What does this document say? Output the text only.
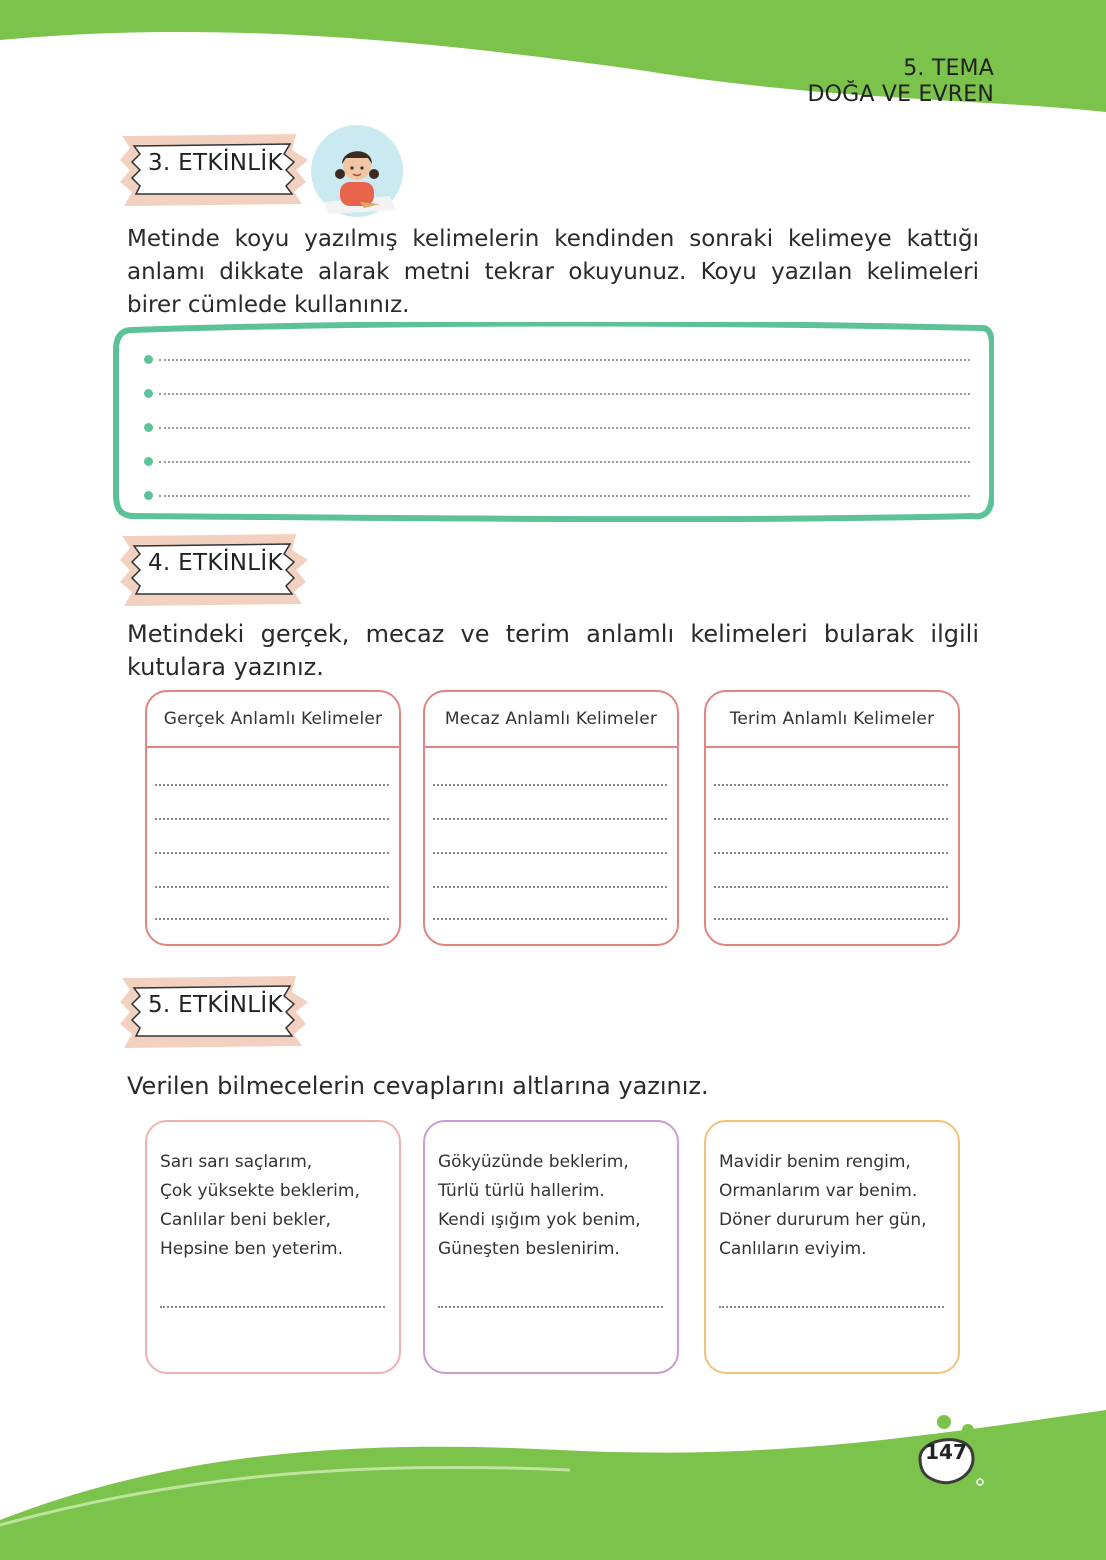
5. TEMA
DOĞA VE EVREN
3. ETKİNLİK
Metinde koyu yazılmış kelimelerin kendinden sonraki kelimeye kattığı anlamı dikkate alarak metni tekrar okuyunuz. Koyu yazılan kelimeleri birer cümlede kullanınız.
4. ETKİNLİK
Metindeki gerçek, mecaz ve terim anlamlı kelimeleri bularak ilgili kutulara yazınız.
Gerçek Anlamlı Kelimeler	Mecaz Anlamlı Kelimeler	Terim Anlamlı Kelimeler
5. ETKİNLİK
Verilen bilmecelerin cevaplarını altlarına yazınız.
Sarı sarı saçlarım,
Çok yüksekte beklerim,
Canlılar beni bekler,
Hepsine ben yeterim.
Gökyüzünde beklerim,
Türlü türlü hallerim.
Kendi ışığım yok benim,
Güneşten beslenirim.
Mavidir benim rengim,
Ormanlarım var benim.
Döner dururum her gün,
Canlıların eviyim.
147
